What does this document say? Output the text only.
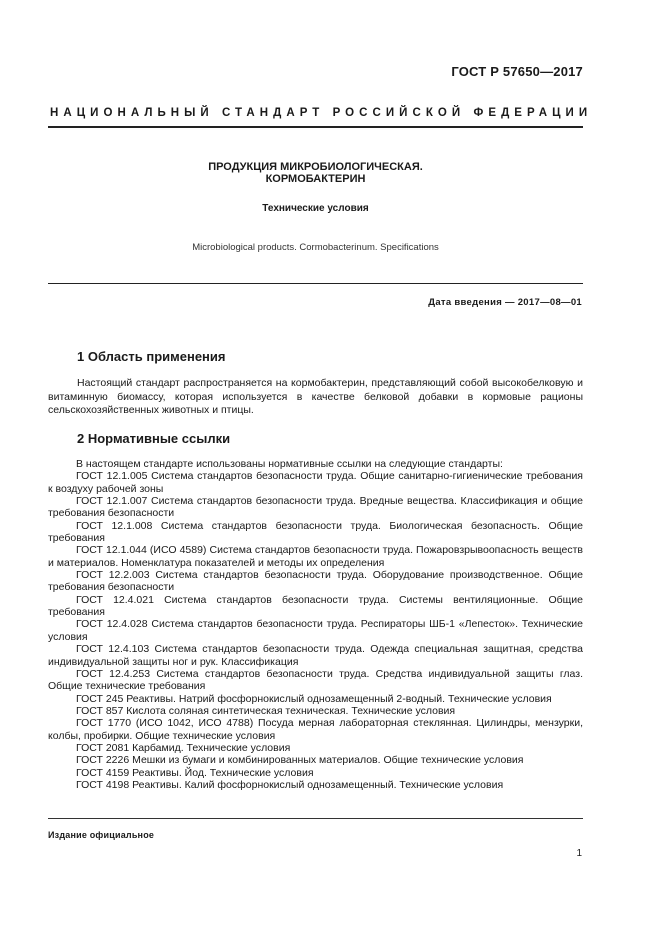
ГОСТ Р 57650—2017
НАЦИОНАЛЬНЫЙ СТАНДАРТ РОССИЙСКОЙ ФЕДЕРАЦИИ
ПРОДУКЦИЯ МИКРОБИОЛОГИЧЕСКАЯ.
КОРМОБАКТЕРИН
Технические условия
Microbiological products. Cormobacterinum. Specifications
Дата введения — 2017—08—01
1 Область применения
Настоящий стандарт распространяется на кормобактерин, представляющий собой высокобелковую и витаминную биомассу, которая используется в качестве белковой добавки в кормовые рационы сельскохозяйственных животных и птицы.
2 Нормативные ссылки

В настоящем стандарте использованы нормативные ссылки на следующие стандарты:

ГОСТ 12.1.005 Система стандартов безопасности труда. Общие санитарно-гигиенические требования к воздуху рабочей зоны

ГОСТ 12.1.007 Система стандартов безопасности труда. Вредные вещества. Классификация и общие требования безопасности

ГОСТ 12.1.008 Система стандартов безопасности труда. Биологическая безопасность. Общие требования

ГОСТ 12.1.044 (ИСО 4589) Система стандартов безопасности труда. Пожаровзрывоопасность веществ и материалов. Номенклатура показателей и методы их определения

ГОСТ 12.2.003 Система стандартов безопасности труда. Оборудование производственное. Общие требования безопасности

ГОСТ 12.4.021 Система стандартов безопасности труда. Системы вентиляционные. Общие требования

ГОСТ 12.4.028 Система стандартов безопасности труда. Респираторы ШБ-1 «Лепесток». Технические условия

ГОСТ 12.4.103 Система стандартов безопасности труда. Одежда специальная защитная, средства индивидуальной защиты ног и рук. Классификация

ГОСТ 12.4.253 Система стандартов безопасности труда. Средства индивидуальной защиты глаз. Общие технические требования

ГОСТ 245 Реактивы. Натрий фосфорнокислый однозамещенный 2-водный. Технические условия

ГОСТ 857 Кислота соляная синтетическая техническая. Технические условия

ГОСТ 1770 (ИСО 1042, ИСО 4788) Посуда мерная лабораторная стеклянная. Цилиндры, мензурки, колбы, пробирки. Общие технические условия

ГОСТ 2081 Карбамид. Технические условия

ГОСТ 2226 Мешки из бумаги и комбинированных материалов. Общие технические условия

ГОСТ 4159 Реактивы. Йод. Технические условия

ГОСТ 4198 Реактивы. Калий фосфорнокислый однозамещенный. Технические условия

Издание официальное
1
